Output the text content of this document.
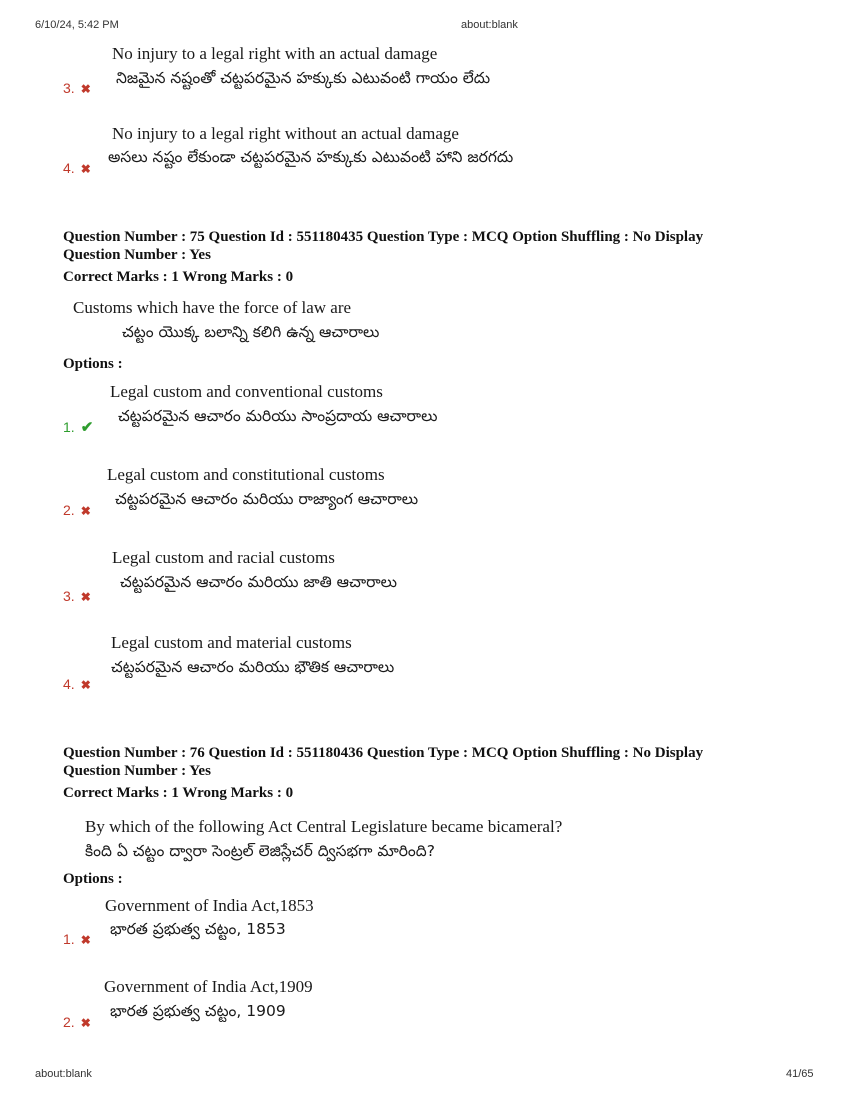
6/10/24, 5:42 PM	about:blank
No injury to a legal right with an actual damage
నిజమైన నష్టంతో చట్టపరమైన హక్కుకు ఎటువంటి గాయం లేదు
3. ✖
No injury to a legal right without an actual damage
అసలు నష్టం లేకుండా చట్టపరమైన హక్కుకు ఎటువంటి హాని జరగదు
4. ✖
Question Number : 75 Question Id : 551180435 Question Type : MCQ Option Shuffling : No Display
Question Number : Yes
Correct Marks : 1 Wrong Marks : 0
Customs which have the force of law are
చట్టం యొక్క బలాన్ని కలిగి ఉన్న ఆచారాలు
Options :
Legal custom and conventional customs
చట్టపరమైన ఆచారం మరియు సాంప్రదాయ ఆచారాలు
1. ✔
Legal custom and constitutional customs
చట్టపరమైన ఆచారం మరియు రాజ్యాంగ ఆచారాలు
2. ✖
Legal custom and racial customs
చట్టపరమైన ఆచారం మరియు జాతి ఆచారాలు
3. ✖
Legal custom and material customs
చట్టపరమైన ఆచారం మరియు భౌతిక ఆచారాలు
4. ✖
Question Number : 76 Question Id : 551180436 Question Type : MCQ Option Shuffling : No Display
Question Number : Yes
Correct Marks : 1 Wrong Marks : 0
By which of the following Act Central Legislature became bicameral?
కింది ఏ చట్టం ద్వారా సెంట్రల్ లెజిస్లేచర్ ద్విసభగా మారింది?
Options :
Government of India Act,1853
భారత ప్రభుత్వ చట్టం, 1853
1. ✖
Government of India Act,1909
భారత ప్రభుత్వ చట్టం, 1909
2. ✖
about:blank	41/65
